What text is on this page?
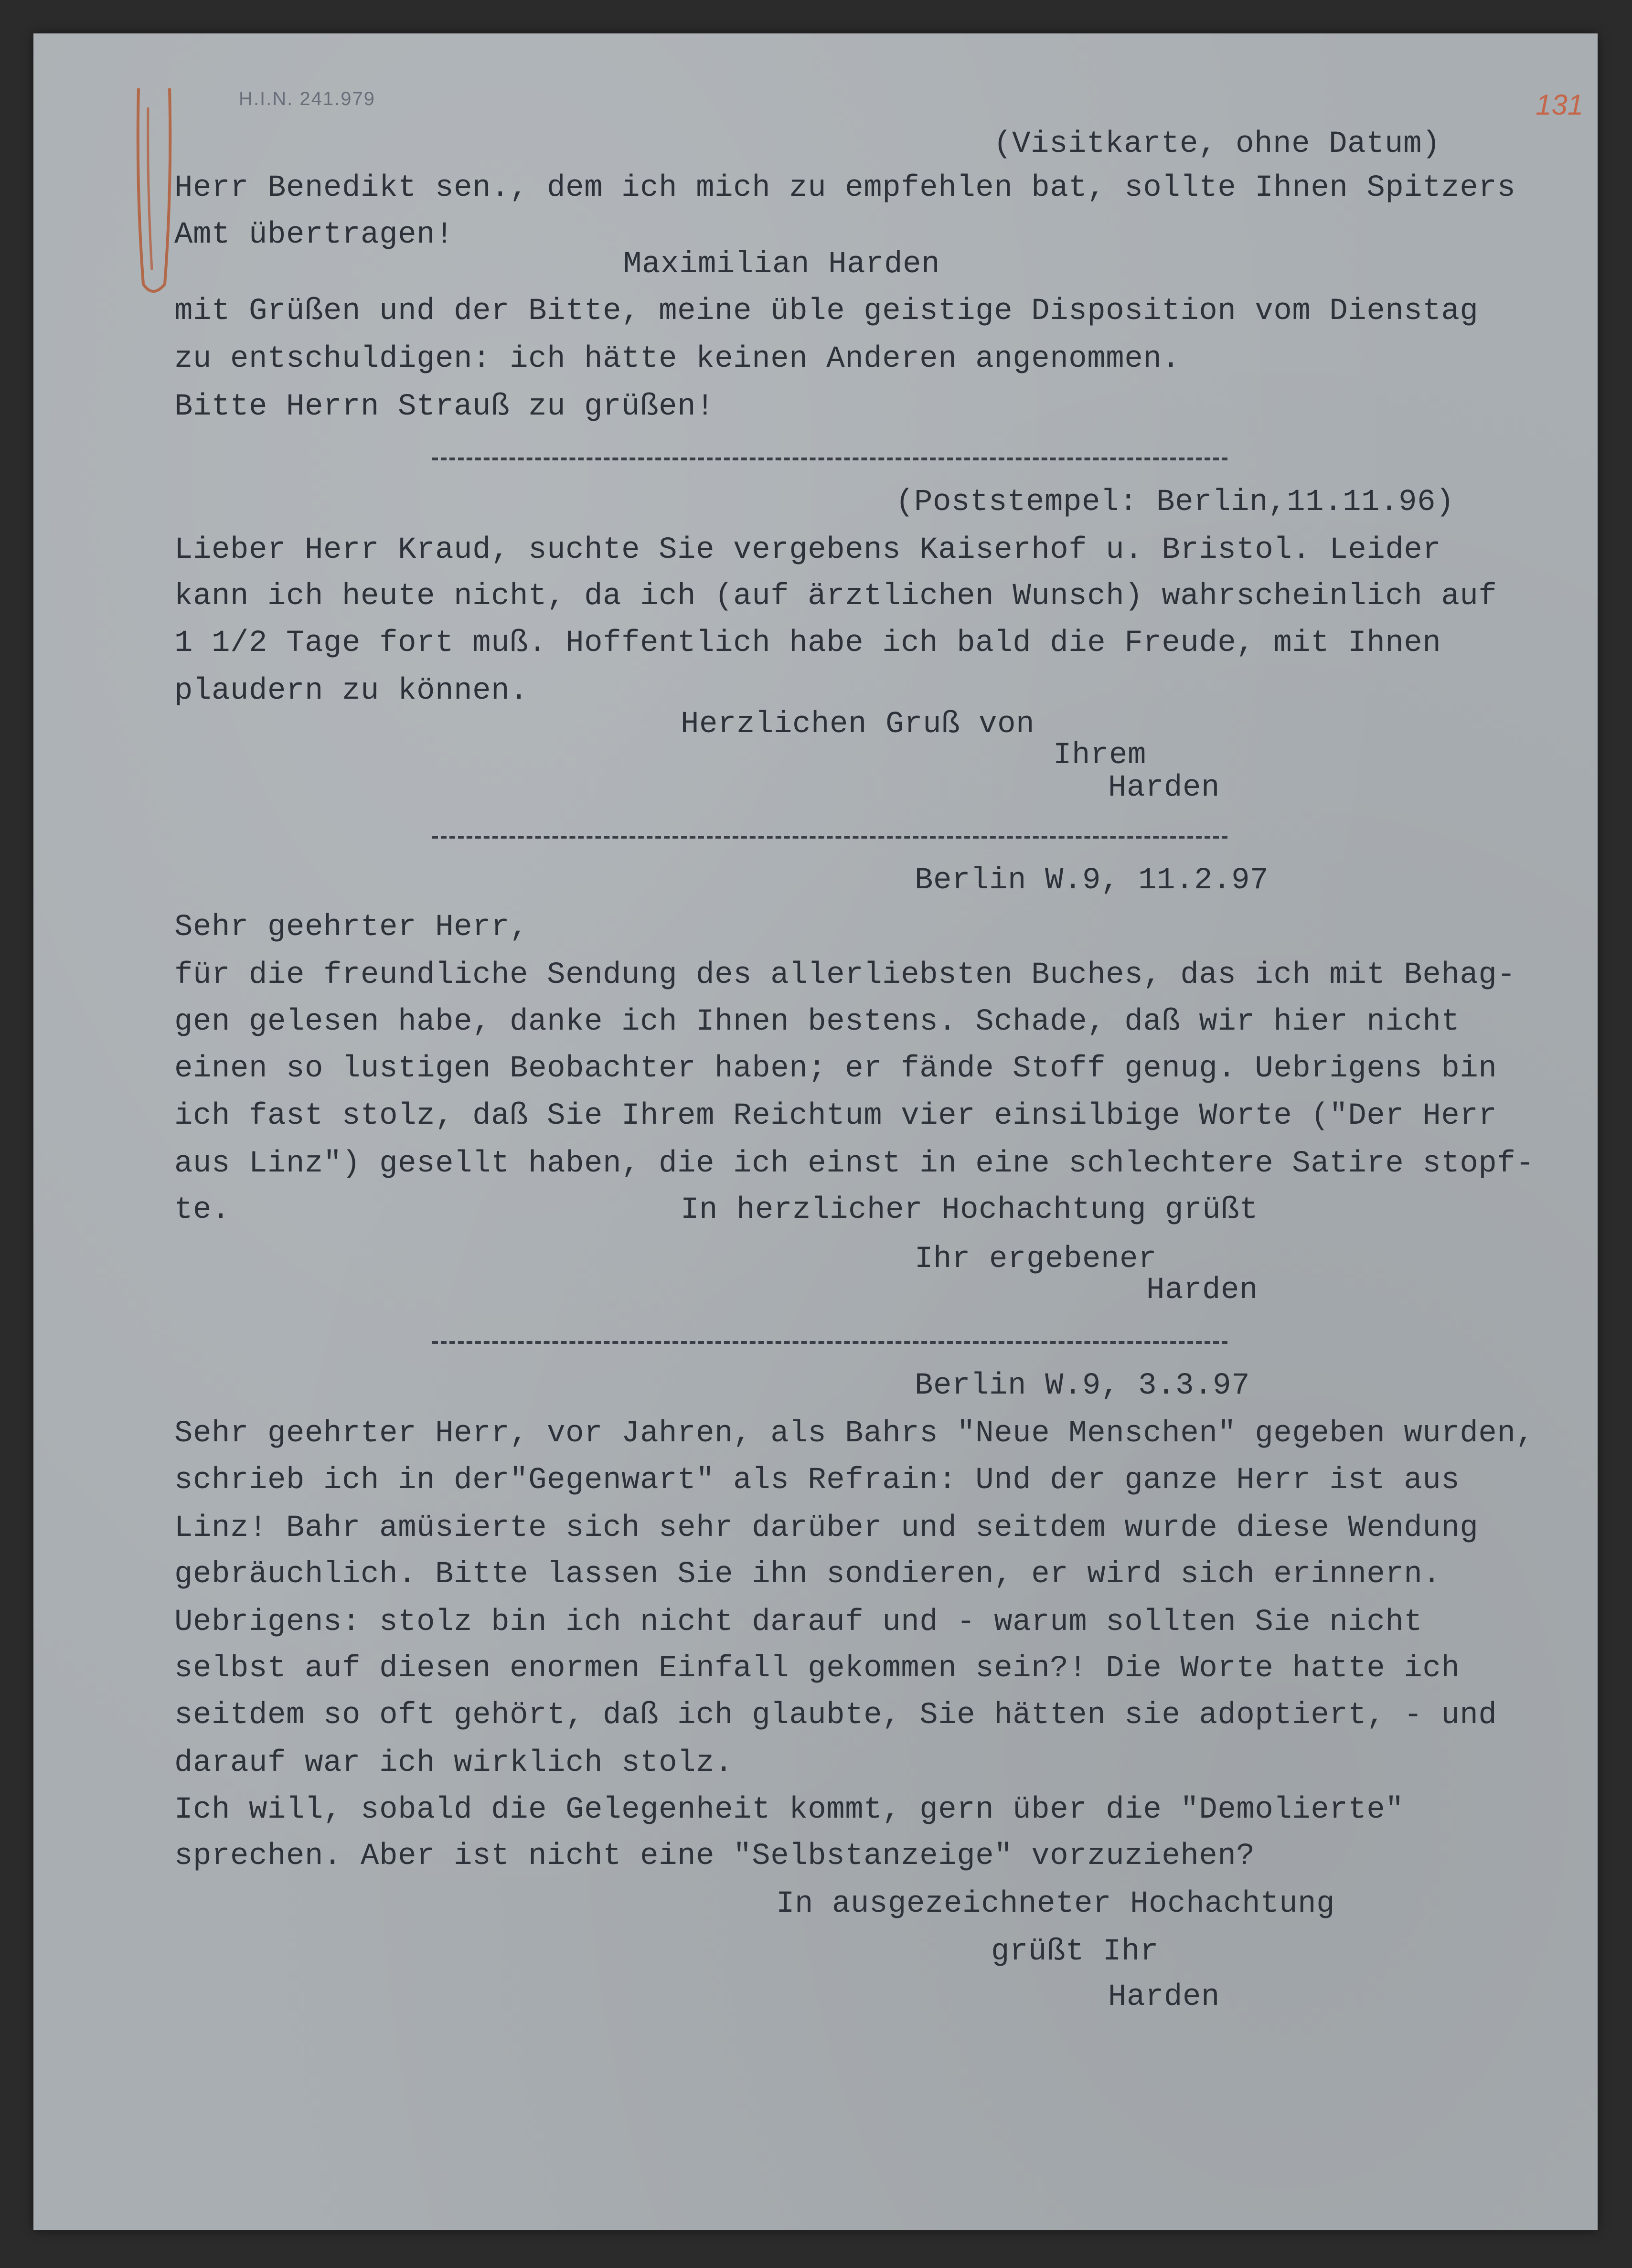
H.I.N. 241.979	131
(Visitkarte, ohne Datum)
Herr Benedikt sen., dem ich mich zu empfehlen bat, sollte Ihnen Spitzers
Amt übertragen!
Maximilian Harden
mit Grüßen und der Bitte, meine üble geistige Disposition vom Dienstag
zu entschuldigen: ich hätte keinen Anderen angenommen.
Bitte Herrn Strauß zu grüßen!
(Poststempel: Berlin,11.11.96)
Lieber Herr Kraud, suchte Sie vergebens Kaiserhof u. Bristol. Leider
kann ich heute nicht, da ich (auf ärztlichen Wunsch) wahrscheinlich auf
1 1/2 Tage fort muß. Hoffentlich habe ich bald die Freude, mit Ihnen
plaudern zu können.
Herzlichen Gruß von
Ihrem
Harden
Berlin W.9, 11.2.97
Sehr geehrter Herr,
für die freundliche Sendung des allerliebsten Buches, das ich mit Behag-
gen gelesen habe, danke ich Ihnen bestens. Schade, daß wir hier nicht
einen so lustigen Beobachter haben; er fände Stoff genug. Uebrigens bin
ich fast stolz, daß Sie Ihrem Reichtum vier einsilbige Worte ("Der Herr
aus Linz") gesellt haben, die ich einst in eine schlechtere Satire stopf-
te.	In herzlicher Hochachtung grüßt
Ihr ergebener
Harden
Berlin W.9, 3.3.97
Sehr geehrter Herr, vor Jahren, als Bahrs "Neue Menschen" gegeben wurden,
schrieb ich in der"Gegenwart" als Refrain: Und der ganze Herr ist aus
Linz! Bahr amüsierte sich sehr darüber und seitdem wurde diese Wendung
gebräuchlich. Bitte lassen Sie ihn sondieren, er wird sich erinnern.
Uebrigens: stolz bin ich nicht darauf und - warum sollten Sie nicht
selbst auf diesen enormen Einfall gekommen sein?! Die Worte hatte ich
seitdem so oft gehört, daß ich glaubte, Sie hätten sie adoptiert, - und
darauf war ich wirklich stolz.
Ich will, sobald die Gelegenheit kommt, gern über die "Demolierte"
sprechen. Aber ist nicht eine "Selbstanzeige" vorzuziehen?
In ausgezeichneter Hochachtung
grüßt Ihr
Harden
